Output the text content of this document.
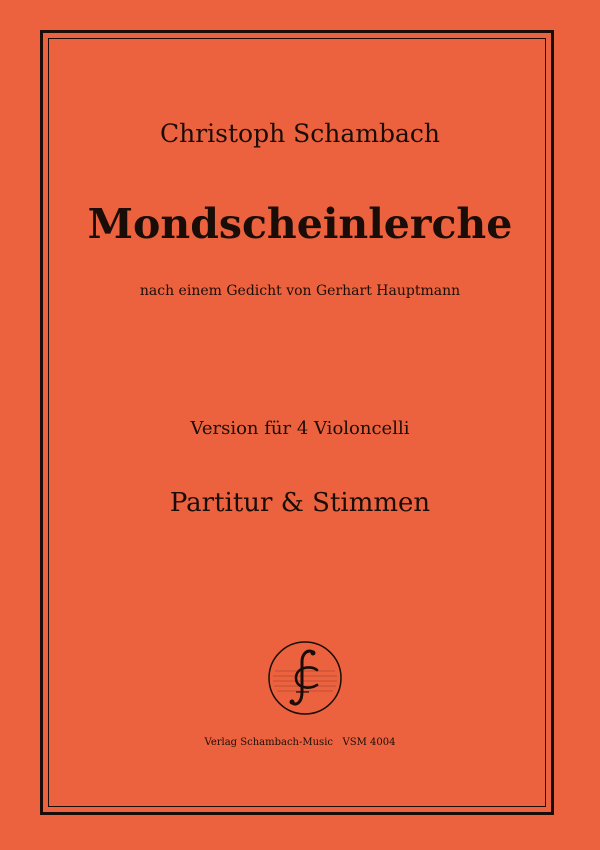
Christoph Schambach
Mondscheinlerche
nach einem Gedicht von Gerhart Hauptmann
Version für 4 Violoncelli
Partitur & Stimmen
Verlag Schambach-Music   VSM 4004
